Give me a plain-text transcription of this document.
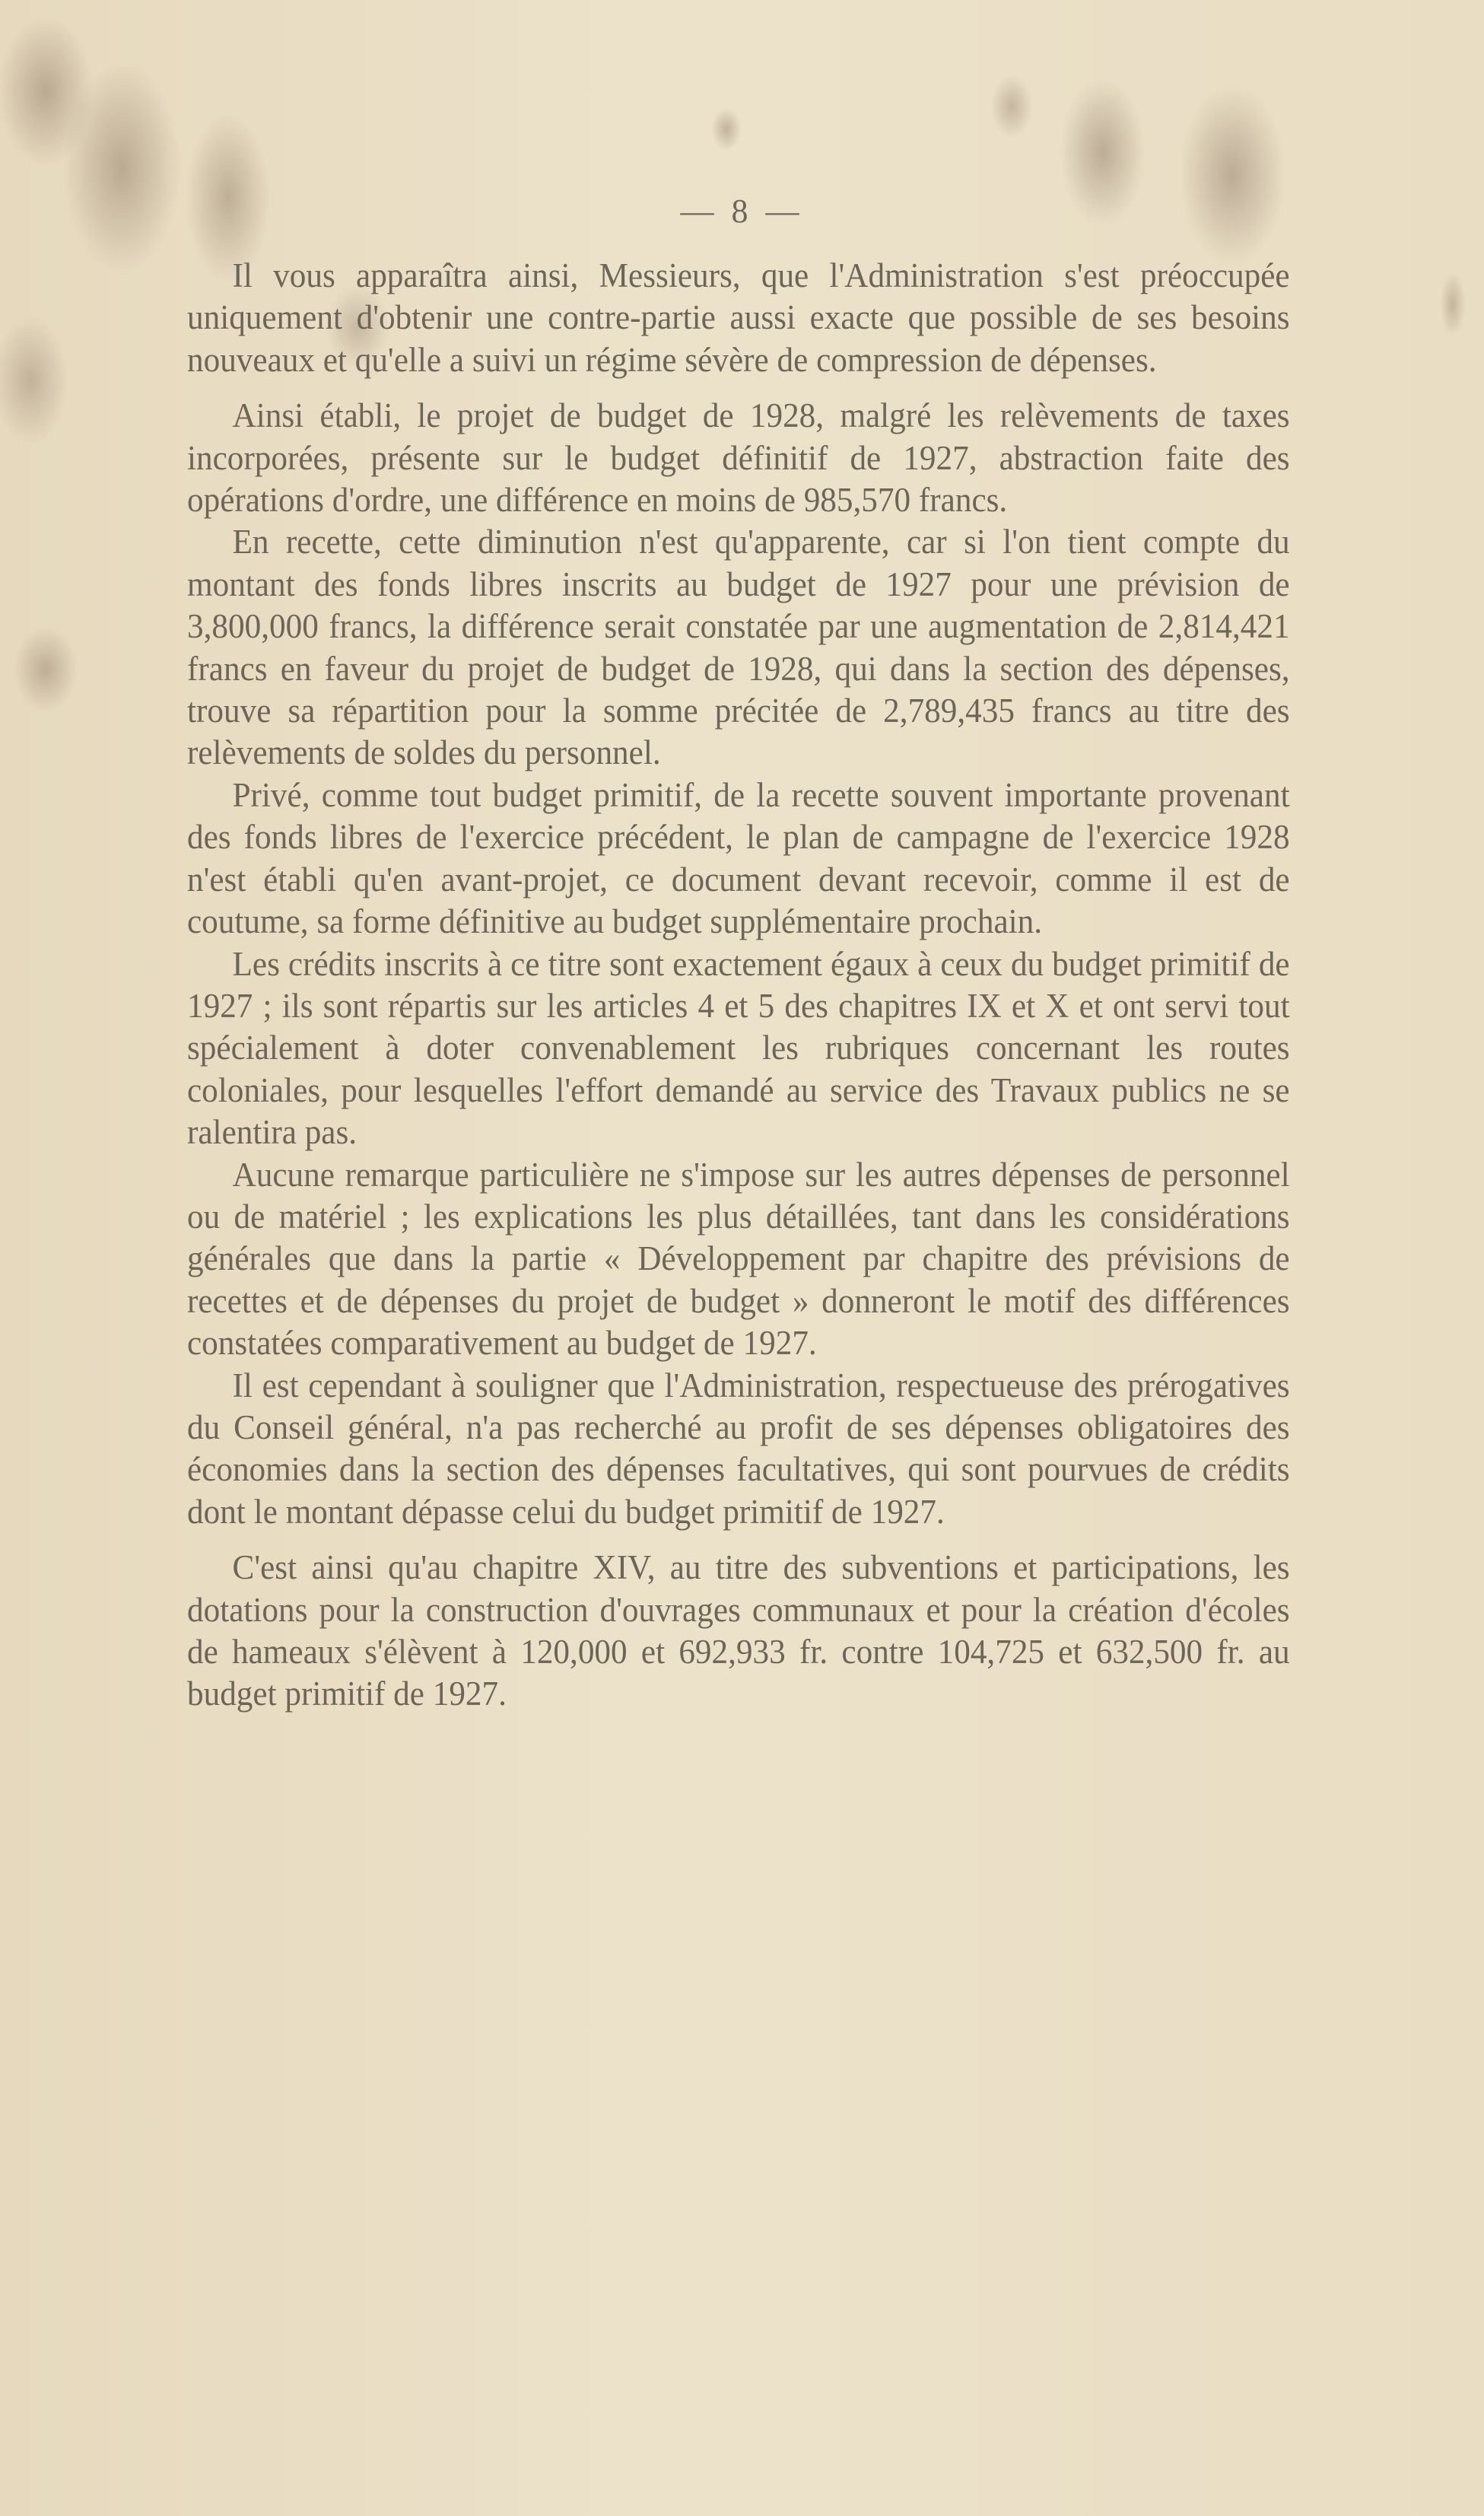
— 8 —

Il vous apparaîtra ainsi, Messieurs, que l'Administration s'est préoccupée uniquement d'obtenir une contre-partie aussi exacte que possible de ses besoins nouveaux et qu'elle a suivi un régime sévère de compression de dépenses.

Ainsi établi, le projet de budget de 1928, malgré les relèvements de taxes incorporées, présente sur le budget définitif de 1927, abstraction faite des opérations d'ordre, une différence en moins de 985,570 francs.

En recette, cette diminution n'est qu'apparente, car si l'on tient compte du montant des fonds libres inscrits au budget de 1927 pour une prévision de 3,800,000 francs, la différence serait constatée par une augmentation de 2,814,421 francs en faveur du projet de budget de 1928, qui dans la section des dépenses, trouve sa répartition pour la somme précitée de 2,789,435 francs au titre des relèvements de soldes du personnel.

Privé, comme tout budget primitif, de la recette souvent importante provenant des fonds libres de l'exercice précédent, le plan de campagne de l'exercice 1928 n'est établi qu'en avant-projet, ce document devant recevoir, comme il est de coutume, sa forme définitive au budget supplémentaire prochain.

Les crédits inscrits à ce titre sont exactement égaux à ceux du budget primitif de 1927 ; ils sont répartis sur les articles 4 et 5 des chapitres IX et X et ont servi tout spécialement à doter convenablement les rubriques concernant les routes coloniales, pour lesquelles l'effort demandé au service des Travaux publics ne se ralentira pas.

Aucune remarque particulière ne s'impose sur les autres dépenses de personnel ou de matériel ; les explications les plus détaillées, tant dans les considérations générales que dans la partie « Développement par chapitre des prévisions de recettes et de dépenses du projet de budget » donneront le motif des différences constatées comparativement au budget de 1927.

Il est cependant à souligner que l'Administration, respectueuse des prérogatives du Conseil général, n'a pas recherché au profit de ses dépenses obligatoires des économies dans la section des dépenses facultatives, qui sont pourvues de crédits dont le montant dépasse celui du budget primitif de 1927.

C'est ainsi qu'au chapitre XIV, au titre des subventions et participations, les dotations pour la construction d'ouvrages communaux et pour la création d'écoles de hameaux s'élèvent à 120,000 et 692,933 fr. contre 104,725 et 632,500 fr. au budget primitif de 1927.
